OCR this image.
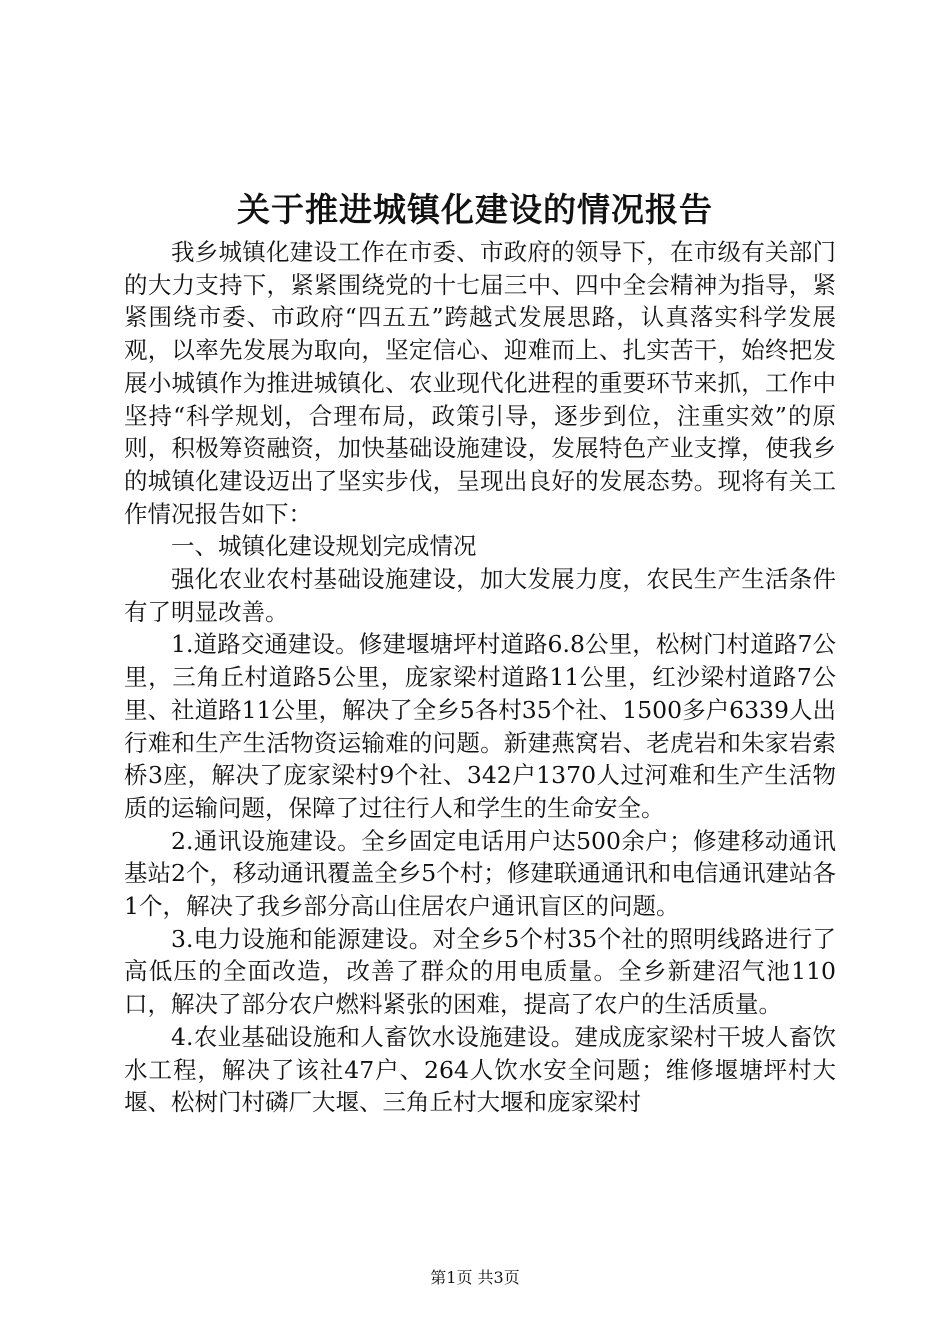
关于推进城镇化建设的情况报告

我乡城镇化建设工作在市委、市政府的领导下，在市级有关部门的大力支持下，紧紧围绕党的十七届三中、四中全会精神为指导，紧紧围绕市委、市政府“四五五”跨越式发展思路，认真落实科学发展观，以率先发展为取向，坚定信心、迎难而上、扎实苦干，始终把发展小城镇作为推进城镇化、农业现代化进程的重要环节来抓，工作中坚持“科学规划，合理布局，政策引导，逐步到位，注重实效”的原则，积极筹资融资，加快基础设施建设，发展特色产业支撑，使我乡的城镇化建设迈出了坚实步伐，呈现出良好的发展态势。现将有关工作情况报告如下：

一、城镇化建设规划完成情况

强化农业农村基础设施建设，加大发展力度，农民生产生活条件有了明显改善。

1.道路交通建设。修建堰塘坪村道路6.8公里，松树门村道路7公里，三角丘村道路5公里，庞家梁村道路11公里，红沙梁村道路7公里、社道路11公里，解决了全乡5各村35个社、1500多户6339人出行难和生产生活物资运输难的问题。新建燕窝岩、老虎岩和朱家岩索桥3座，解决了庞家梁村9个社、342户1370人过河难和生产生活物质的运输问题，保障了过往行人和学生的生命安全。

2.通讯设施建设。全乡固定电话用户达500余户；修建移动通讯基站2个，移动通讯覆盖全乡5个村；修建联通通讯和电信通讯建站各1个，解决了我乡部分高山住居农户通讯盲区的问题。

3.电力设施和能源建设。对全乡5个村35个社的照明线路进行了高低压的全面改造，改善了群众的用电质量。全乡新建沼气池110口，解决了部分农户燃料紧张的困难，提高了农户的生活质量。

4.农业基础设施和人畜饮水设施建设。建成庞家梁村干坡人畜饮水工程，解决了该社47户、264人饮水安全问题；维修堰塘坪村大堰、松树门村磷厂大堰、三角丘村大堰和庞家梁村

第1页 共3页
